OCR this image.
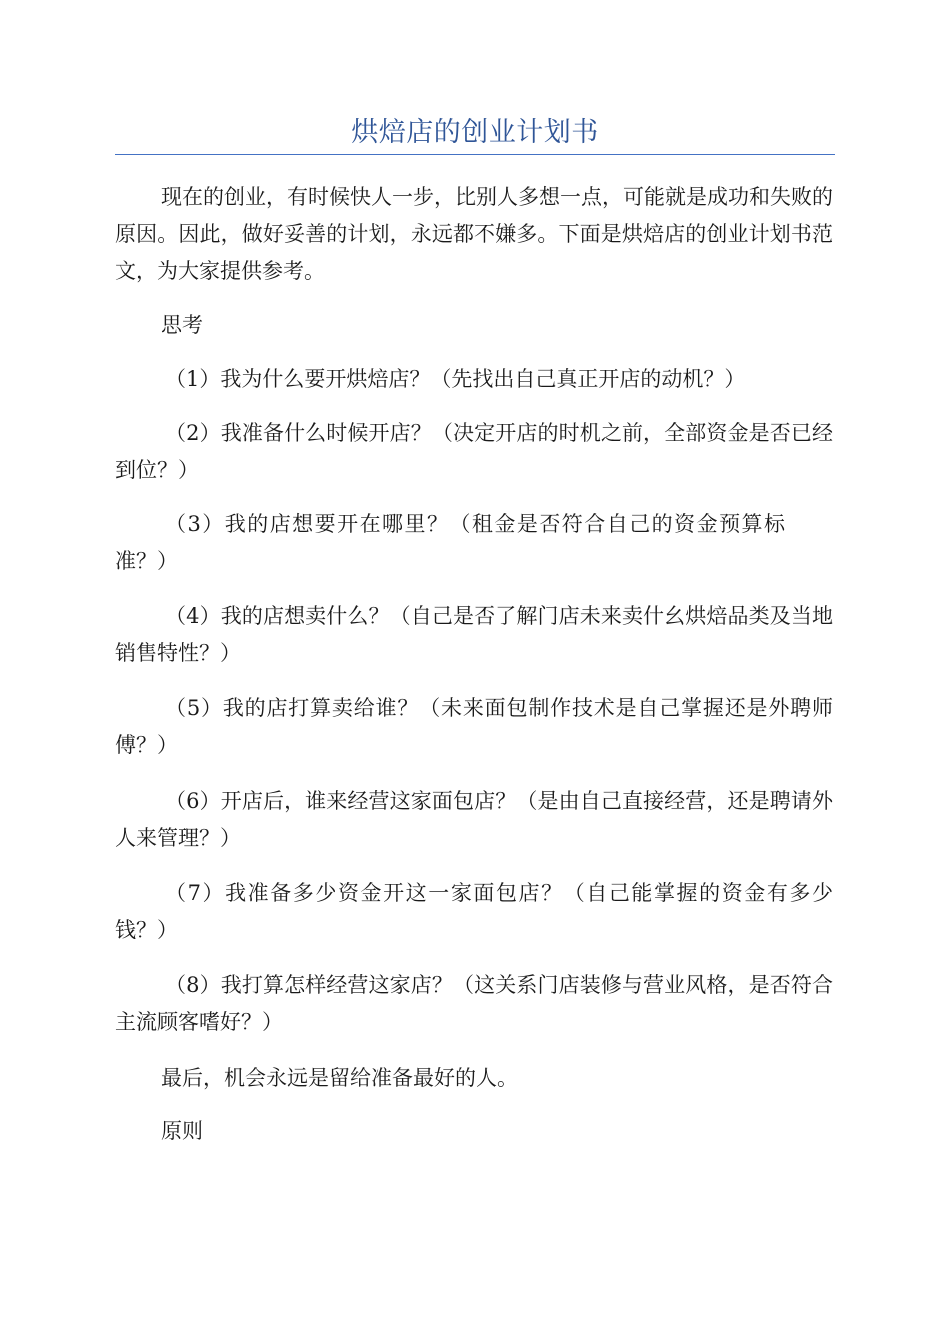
烘焙店的创业计划书

现在的创业，有时候快人一步，比别人多想一点，可能就是成功和失败的原因。因此，做好妥善的计划，永远都不嫌多。下面是烘焙店的创业计划书范文，为大家提供参考。

思考

（1）我为什么要开烘焙店？（先找出自己真正开店的动机？）

（2）我准备什么时候开店？（决定开店的时机之前，全部资金是否已经到位？）

（3）我的店想要开在哪里？（租金是否符合自己的资金预算标准？）

（4）我的店想卖什么？（自己是否了解门店未来卖什幺烘焙品类及当地销售特性？）

（5）我的店打算卖给谁？（未来面包制作技术是自己掌握还是外聘师傅？）

（6）开店后，谁来经营这家面包店？（是由自己直接经营，还是聘请外人来管理？）

（7）我准备多少资金开这一家面包店？（自己能掌握的资金有多少钱？）

（8）我打算怎样经营这家店？（这关系门店装修与营业风格，是否符合主流顾客嗜好？）

最后，机会永远是留给准备最好的人。

原则
